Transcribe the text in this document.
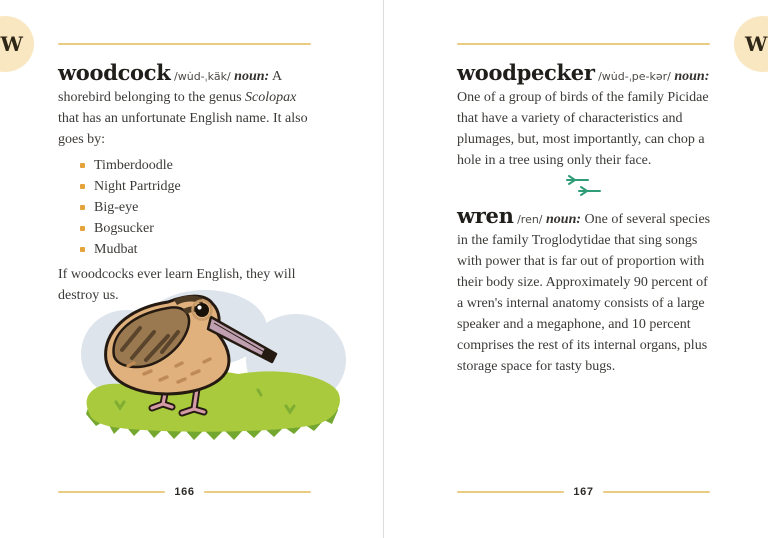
W

woodcock /wu̇d-ˌkäk/ noun: A shorebird belonging to the genus Scolopax that has an unfortunate English name. It also goes by:

Timberdoodle
Night Partridge
Big-eye
Bogsucker
Mudbat

If woodcocks ever learn English, they will destroy us.

166
W

woodpecker /wu̇d-ˌpe-kər/ noun: One of a group of birds of the family Picidae that have a variety of characteristics and plumages, but, most importantly, can chop a hole in a tree using only their face.

wren /ren/ noun: One of several species in the family Troglodytidae that sing songs with power that is far out of proportion with their body size. Approximately 90 percent of a wren's internal anatomy consists of a large speaker and a megaphone, and 10 percent comprises the rest of its internal organs, plus storage space for tasty bugs.

167
